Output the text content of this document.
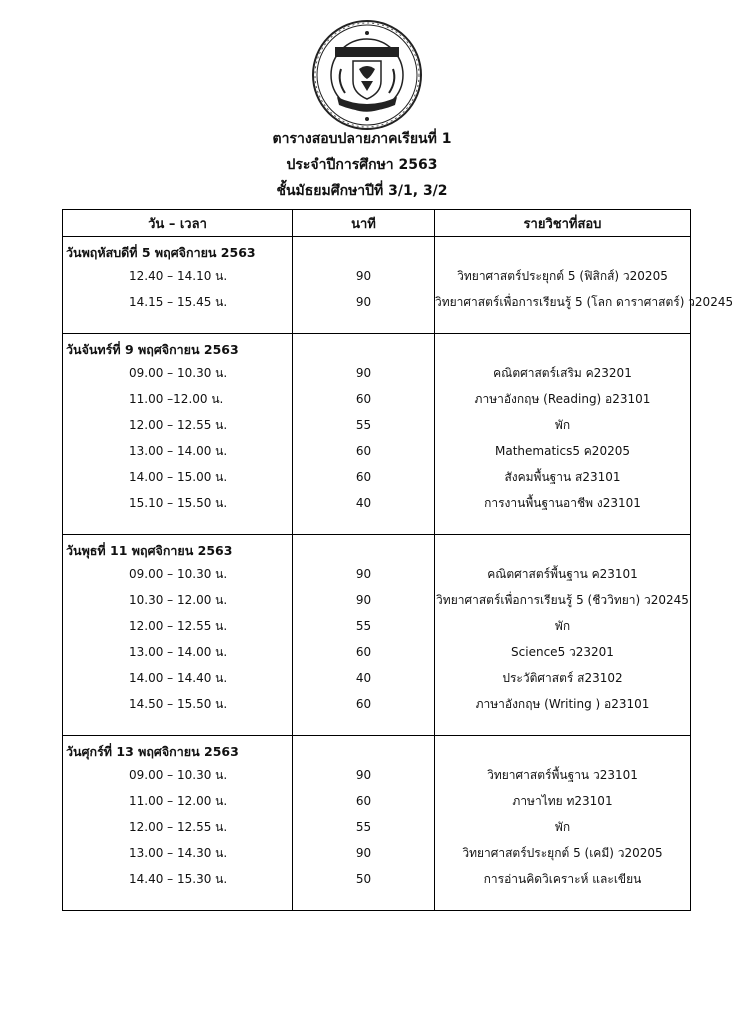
ตารางสอบปลายภาคเรียนที่ 1
ประจำปีการศึกษา 2563
ชั้นมัธยมศึกษาปีที่ 3/1, 3/2
วัน – เวลา	นาที	รายวิชาที่สอบ
วันพฤหัสบดีที่ 5 พฤศจิกายน 2563		
12.40 – 14.10 น.	90	วิทยาศาสตร์ประยุกต์ 5 (ฟิสิกส์) ว20205
14.15 – 15.45 น.	90	วิทยาศาสตร์เพื่อการเรียนรู้ 5 (โลก ดาราศาสตร์) ว20245

วันจันทร์ที่ 9 พฤศจิกายน 2563		
09.00 – 10.30 น.	90	คณิตศาสตร์เสริม ค23201
11.00 –12.00 น.	60	ภาษาอังกฤษ (Reading) อ23101
12.00 – 12.55 น.	55	พัก
13.00 – 14.00 น.	60	Mathematics5 ค20205
14.00 – 15.00 น.	60	สังคมพื้นฐาน ส23101
15.10 – 15.50 น.	40	การงานพื้นฐานอาชีพ ง23101

วันพุธที่ 11 พฤศจิกายน 2563		
09.00 – 10.30 น.	90	คณิตศาสตร์พื้นฐาน ค23101
10.30 – 12.00 น.	90	วิทยาศาสตร์เพื่อการเรียนรู้ 5 (ชีววิทยา) ว20245
12.00 – 12.55 น.	55	พัก
13.00 – 14.00 น.	60	Science5 ว23201
14.00 – 14.40 น.	40	ประวัติศาสตร์ ส23102
14.50 – 15.50 น.	60	ภาษาอังกฤษ (Writing ) อ23101

วันศุกร์ที่ 13 พฤศจิกายน 2563		
09.00 – 10.30 น.	90	วิทยาศาสตร์พื้นฐาน ว23101
11.00 – 12.00 น.	60	ภาษาไทย ท23101
12.00 – 12.55 น.	55	พัก
13.00 – 14.30 น.	90	วิทยาศาสตร์ประยุกต์ 5 (เคมี) ว20205
14.40 – 15.30 น.	50	การอ่านคิดวิเคราะห์ และเขียน
